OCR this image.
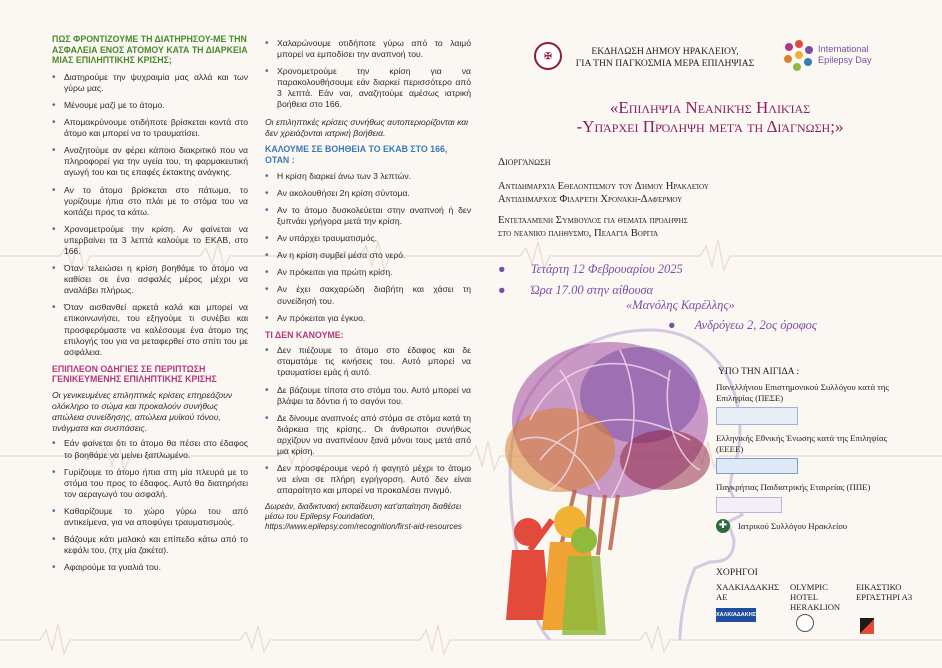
ΠΩΣ ΦΡΟΝΤΙΖΟΥΜΕ ΤΗ ΔΙΑΤΗΡΗΣΟΥ-ΜΕ ΤΗΝ ΑΣΦΑΛΕΙΑ ΕΝΟΣ ΑΤΟΜΟΥ ΚΑΤΑ ΤΗ ΔΙΑΡΚΕΙΑ ΜΙΑΣ ΕΠΙΛΗΠΤΙΚΗΣ ΚΡΙΣΗΣ;
• Διατηρούμε την ψυχραιμία μας αλλά και των γύρω μας.
• Μένουμε μαζί με το άτομο.
• Απομακρύνουμε οτιδήποτε βρίσκεται κοντά στο άτομο και μπορεί να το τραυματίσει.
• Αναζητούμε αν φέρει κάποιο διακριτικό που να πληροφορεί για την υγεία του, τη φαρμακευτική αγωγή του και τις επαφές έκτακτης ανάγκης.
• Αν το άτομο βρίσκεται στο πάτωμα, το γυρίζουμε ήπια στο πλάι με το στόμα του να κοιτάζει προς τα κάτω.
• Χρονομετρούμε την κρίση. Αν φαίνεται να υπερβαίνει τα 3 λεπτά καλούμε το ΕΚΑΒ, στο 166.
• Όταν τελειώσει η κρίση βοηθάμε το άτομο να καθίσει σε ένα ασφαλές μέρος μέχρι να αναλάβει πλήρως.
• Όταν αισθανθεί αρκετά καλά και μπορεί να επικοινωνήσει, του εξηγούμε τι συνέβει και προσφερόμαστε να καλέσουμε ένα άτομο της επιλογής του για να μεταφερθεί στο σπίτι του με ασφάλεια.
ΕΠΙΠΛΕΟΝ ΟΔΗΓΙΕΣ ΣΕ ΠΕΡΙΠΤΩΣΗ ΓΕΝΙΚΕΥΜΕΝΗΣ ΕΠΙΛΗΠΤΙΚΗΣ ΚΡΙΣΗΣ
Οι γενικευμένες επιληπτικές κρίσεις επηρεάζουν ολόκληρο το σώμα και προκαλούν συνήθως απώλεια συνείδησης, απώλεια μυϊκού τόνου, τινάγματα και συσπάσεις.
• Εάν φαίνεται ότι το άτομο θα πέσει στο έδαφος το βοηθάμε να μείνει ξαπλωμένο.
• Γυρίζουμε το άτομο ήπια στη μία πλευρά με το στόμα του προς το έδαφος. Αυτό θα διατηρήσει τον αεραγωγό του ασφαλή.
• Καθαρίζουμε το χώρο γύρω του από αντικείμενα, για να αποφύγει τραυματισμούς.
• Βάζουμε κάτι μαλακό και επίπεδο κάτω από το κεφάλι του, (πχ μία ζακέτα).
• Αφαιρούμε τα γυαλιά του.
• Χαλαρώνουμε οτιδήποτε γύρω από το λαιμό μπορεί να εμποδίσει την αναπνοή του.
• Χρονομετρούμε την κρίση για να παρακολουθήσουμε εάν διαρκεί περισσότερο από 3 λεπτά. Εάν ναι, αναζητούμε αμέσως ιατρική βοήθεια στο 166.
Οι επιληπτικές κρίσεις συνήθως αυτοπεριορίζονται και δεν χρειάζονται ιατρική βοήθεια.
ΚΑΛΟΥΜΕ ΣΕ ΒΟΗΘΕΙΑ ΤΟ ΕΚΑΒ ΣΤΟ 166, ΟΤΑΝ :
• Η κρίση διαρκεί άνω των 3 λεπτών.
• Αν ακολουθήσει 2η κρίση σύντομα.
• Αν το άτομο δυσκολεύεται στην αναπνοή ή δεν ξυπνάει γρήγορα μετά την κρίση.
• Αν υπάρχει τραυματισμός.
• Αν η κρίση συμβεί μέσα στο νερό.
• Αν πρόκειται για πρώτη κρίση.
• Αν έχει σακχαρώδη διαβήτη και χάσει τη συνείδησή του.
• Αν πρόκειται για έγκυο.
ΤΙ ΔΕΝ ΚΑΝΟΥΜΕ:
• Δεν πιέζουμε το άτομο στο έδαφος και δε σταματάμε τις κινήσεις του. Αυτό μπορεί να τραυματίσει εμάς ή αυτό.
• Δε βάζουμε τίποτα στο στόμα του. Αυτό μπορεί να βλάψει τα δόντια ή το σαγόνι του.
• Δε δίνουμε αναπνοές από στόμα σε στόμα κατά τη διάρκεια της κρίσης.. Οι άνθρωποι συνήθως αρχίζουν να αναπνέουν ξανά μόνοι τους μετά από μια κρίση.
• Δεν προσφέρουμε νερό ή φαγητό μέχρι το άτομο να είναι σε πλήρη εγρήγορση. Αυτό δεν είναι απαραίτητο και μπορεί να προκαλέσει πνιγμό.
Δωρεάν, διαδικτυακή εκπαίδευση κατ'απαίτηση διαθέσει μέσω του Epilepsy Foundation, https://www.epilepsy.com/recognition/first-aid-resources
✠	ΕΚΔΗΛΩΣΗ ΔΗΜΟΥ ΗΡΑΚΛΕΙΟΥ,
ΓΙΑ ΤΗΝ ΠΑΓΚΟΣΜΙΑ ΜΕΡΑ ΕΠΙΛΗΨΙΑΣ
International
Epilepsy Day
«Επιληψία Νεανικής Ηλικίας
-Υπάρχει Πρόληψη μετά τη Διάγνωση;»
Διοργάνωση
Αντιδημαρχία Εθελοντισμού του Δήμου Ηρακλείου
Αντιδήμαρχος Φιλαρέτη Χρονάκη-Δαφέρμου
Εντεταλμένη Σύμβουλος για θέματα πρόληψης
στο νεανικό πληθυσμό, Πελαγία Βοργιά
● Τετάρτη 12 Φεβρουαρίου 2025
● Ώρα 17.00 στην αίθουσα
«Μανόλης Καρέλλης»
● Ανδρόγεω 2, 2ος όροφος
ΥΠΟ ΤΗΝ ΑΙΓΙΔΑ :
Πανελλήνιου Επιστημονικού Συλλόγου κατά της Επιληψίας (ΠΕΣΕ)
Ελληνικής Εθνικής Ένωσης κατά της Επιληψίας (ΕΕΕΕ)
Παγκρήτιας Παιδιατρικής Εταιρείας (ΠΠΕ)
✚	Ιατρικού Συλλόγου Ηρακλείου
ΧΟΡΗΓΟΙ
ΧΑΛΚΙΑΔΑΚΗΣ ΑΕ
OLYMPIC HOTEL HERAKLION
ΕΙΚΑΣΤΙΚΟ ΕΡΓΑΣΤΗΡΙ Α3
ΧΑΛΚΙΑΔΑΚΗΣ
